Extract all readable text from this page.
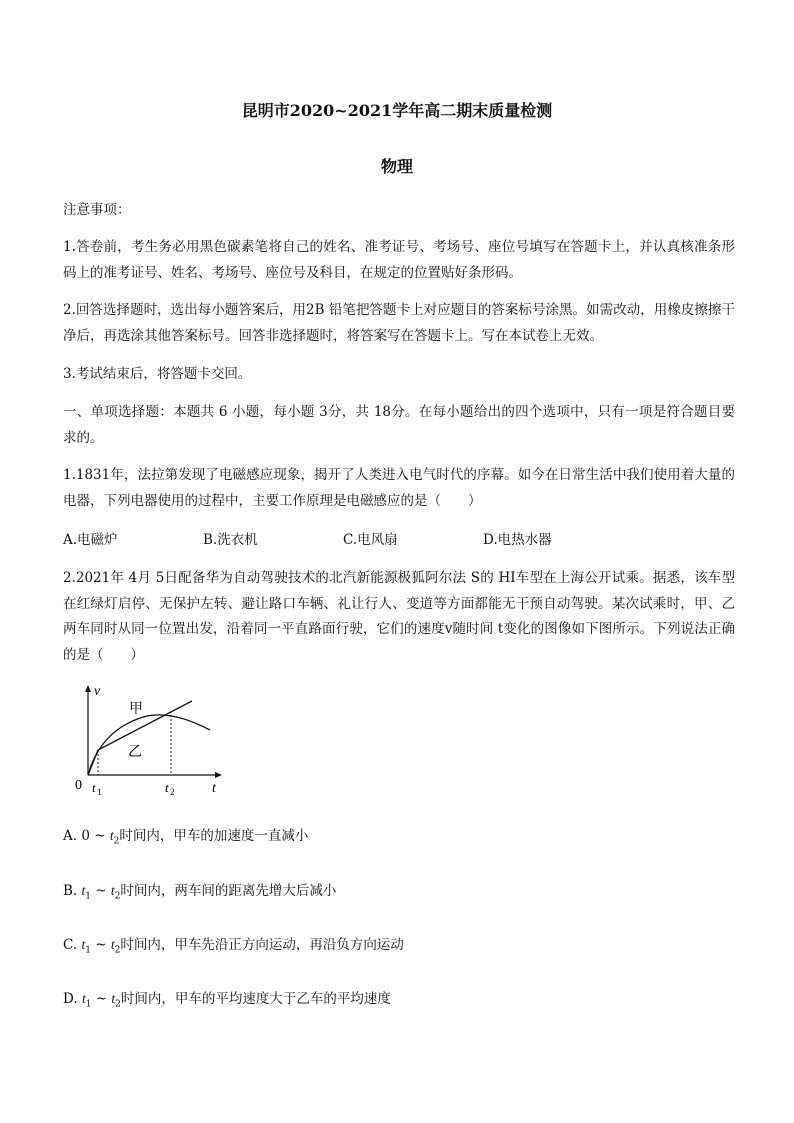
昆明市2020~2021学年高二期末质量检测
物理

注意事项：

1.答卷前，考生务必用黑色碳素笔将自己的姓名、准考证号、考场号、座位号填写在答题卡上，并认真核准条形码上的准考证号、姓名、考场号、座位号及科目，在规定的位置贴好条形码。

2.回答选择题时，选出每小题答案后，用2B 铅笔把答题卡上对应题目的答案标号涂黑。如需改动，用橡皮擦擦干净后，再选涂其他答案标号。回答非选择题时，将答案写在答题卡上。写在本试卷上无效。

3.考试结束后，将答题卡交回。

一、单项选择题：本题共 6 小题，每小题 3分，共 18分。在每小题给出的四个选项中，只有一项是符合题目要求的。

1.1831年，法拉第发现了电磁感应现象，揭开了人类进入电气时代的序幕。如今在日常生活中我们使用着大量的电器，下列电器使用的过程中，主要工作原理是电磁感应的是（　　）

A.电磁炉	B.洗衣机	C.电风扇	D.电热水器

2.2021年 4月 5日配备华为自动驾驶技术的北汽新能源极狐阿尔法 S的 HI车型在上海公开试乘。据悉，该车型在红绿灯启停、无保护左转、避让路口车辆、礼让行人、变道等方面都能无干预自动驾驶。某次试乘时，甲、乙两车同时从同一位置出发，沿着同一平直路面行驶，它们的速度v随时间 t变化的图像如下图所示。下列说法正确的是（　　）

v
t
0 t 1	t 2
甲
乙

A. 0 ~ $t_2$时间内，甲车的加速度一直减小

B. $t_1$ ~ $t_2$时间内，两车间的距离先增大后减小

C. $t_1$ ~ $t_2$时间内，甲车先沿正方向运动，再沿负方向运动

D. $t_1$ ~ $t_2$时间内，甲车的平均速度大于乙车的平均速度
